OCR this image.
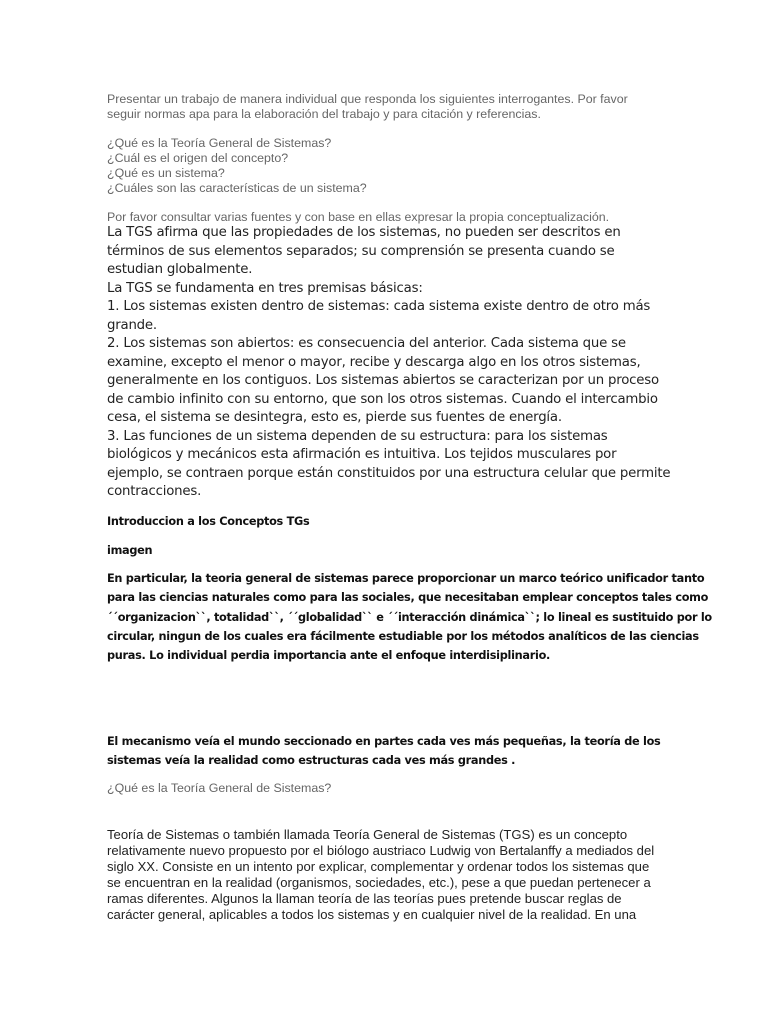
Presentar un trabajo de manera individual que responda los siguientes interrogantes. Por favor
seguir normas apa para la elaboración del trabajo y para citación y referencias.
¿Qué es la Teoría General de Sistemas?
¿Cuál es el origen del concepto?
¿Qué es un sistema?
¿Cuáles son las características de un sistema?
Por favor consultar varias fuentes y con base en ellas expresar la propia conceptualización.
La TGS afirma que las propiedades de los sistemas, no pueden ser descritos en
términos de sus elementos separados; su comprensión se presenta cuando se
estudian globalmente.
La TGS se fundamenta en tres premisas básicas:
1. Los sistemas existen dentro de sistemas: cada sistema existe dentro de otro más
grande.
2. Los sistemas son abiertos: es consecuencia del anterior. Cada sistema que se
examine, excepto el menor o mayor, recibe y descarga algo en los otros sistemas,
generalmente en los contiguos. Los sistemas abiertos se caracterizan por un proceso
de cambio infinito con su entorno, que son los otros sistemas. Cuando el intercambio
cesa, el sistema se desintegra, esto es, pierde sus fuentes de energía.
3. Las funciones de un sistema dependen de su estructura: para los sistemas
biológicos y mecánicos esta afirmación es intuitiva. Los tejidos musculares por
ejemplo, se contraen porque están constituidos por una estructura celular que permite
contracciones.
Introduccion a los Conceptos TGs
imagen
En particular, la teoria general de sistemas parece proporcionar un marco teórico unificador tanto
para las ciencias naturales como para las sociales, que necesitaban emplear conceptos tales como
´´organizacion``, totalidad``, ´´globalidad`` e ´´interacción dinámica``; lo lineal es sustituido por lo
circular, ningun de los cuales era fácilmente estudiable por los métodos analíticos de las ciencias
puras. Lo individual perdia importancia ante el enfoque interdisiplinario.
El mecanismo veía el mundo seccionado en partes cada ves más pequeñas, la teoría de los
sistemas veía la realidad como estructuras cada ves más grandes .
¿Qué es la Teoría General de Sistemas?
Teoría de Sistemas o también llamada Teoría General de Sistemas (TGS) es un concepto
relativamente nuevo propuesto por el biólogo austriaco Ludwig von Bertalanffy a mediados del
siglo XX. Consiste en un intento por explicar, complementar y ordenar todos los sistemas que
se encuentran en la realidad (organismos, sociedades, etc.), pese a que puedan pertenecer a
ramas diferentes. Algunos la llaman teoría de las teorías pues pretende buscar reglas de
carácter general, aplicables a todos los sistemas y en cualquier nivel de la realidad. En una
